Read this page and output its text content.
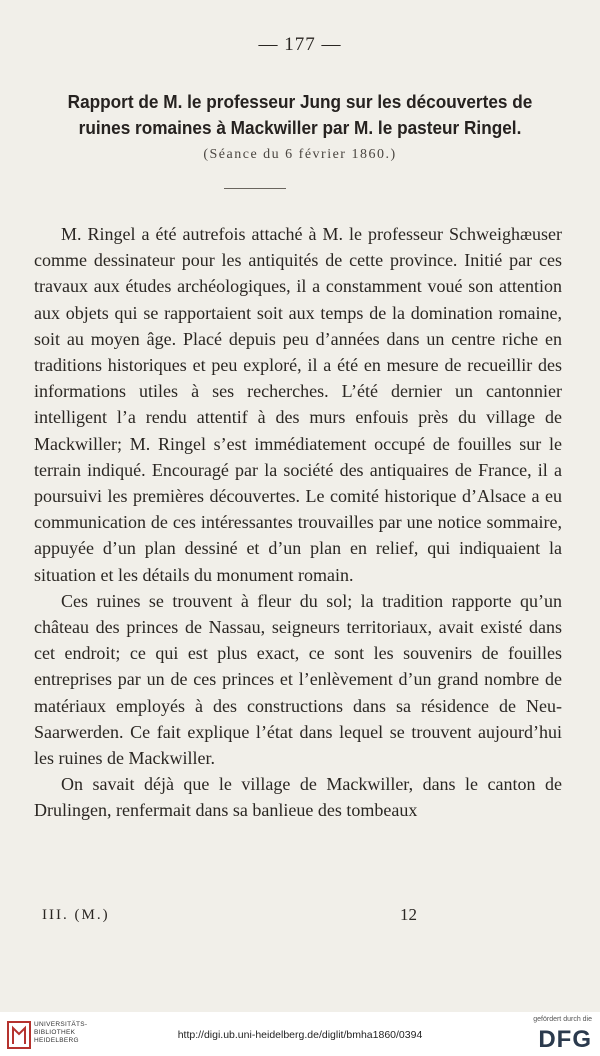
— 177 —
Rapport de M. le professeur Jung sur les découvertes de ruines romaines à Mackwiller par M. le pasteur Ringel.
(Séance du 6 février 1860.)

M. Ringel a été autrefois attaché à M. le professeur Schweighæuser comme dessinateur pour les antiquités de cette province. Initié par ces travaux aux études archéologiques, il a constamment voué son attention aux objets qui se rapportaient soit aux temps de la domination romaine, soit au moyen âge. Placé depuis peu d’années dans un centre riche en traditions historiques et peu exploré, il a été en mesure de recueillir des informations utiles à ses recherches. L’été dernier un cantonnier intelligent l’a rendu attentif à des murs enfouis près du village de Mackwiller; M. Ringel s’est immédiatement occupé de fouilles sur le terrain indiqué. Encouragé par la société des antiquaires de France, il a poursuivi les premières découvertes. Le comité historique d’Alsace a eu communication de ces intéressantes trouvailles par une notice sommaire, appuyée d’un plan dessiné et d’un plan en relief, qui indiquaient la situation et les détails du monument romain.

Ces ruines se trouvent à fleur du sol; la tradition rapporte qu’un château des princes de Nassau, seigneurs territoriaux, avait existé dans cet endroit; ce qui est plus exact, ce sont les souvenirs de fouilles entreprises par un de ces princes et l’enlèvement d’un grand nombre de matériaux employés à des constructions dans sa résidence de Neu-Saarwerden. Ce fait explique l’état dans lequel se trouvent aujourd’hui les ruines de Mackwiller.

On savait déjà que le village de Mackwiller, dans le canton de Drulingen, renfermait dans sa banlieue des tombeaux

III. (M.)	12
UNIVERSITÄTS-
BIBLIOTHEK
HEIDELBERG	http://digi.ub.uni-heidelberg.de/diglit/bmha1860/0394
gefördert durch die
DFG
